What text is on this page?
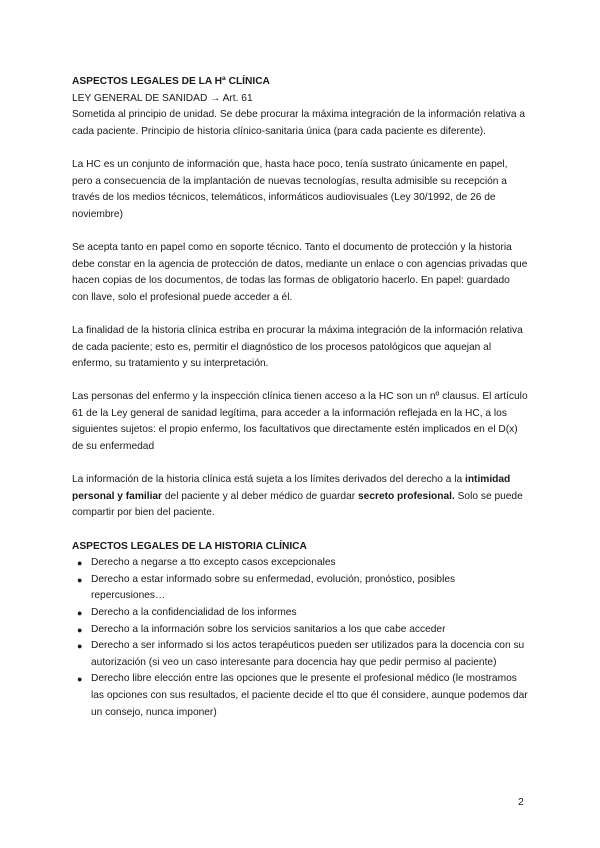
ASPECTOS LEGALES DE LA Hª CLÍNICA

LEY GENERAL DE SANIDAD → Art. 61

Sometida al principio de unidad. Se debe procurar la máxima integración de la información relativa a cada paciente. Principio de historia clínico-sanitaria única (para cada paciente es diferente).

La HC es un conjunto de información que, hasta hace poco, tenía sustrato únicamente en papel, pero a consecuencia de la implantación de nuevas tecnologías, resulta admisible su recepción a través de los medios técnicos, telemáticos, informáticos audiovisuales (Ley 30/1992, de 26 de noviembre)

Se acepta tanto en papel como en soporte técnico. Tanto el documento de protección y la historia debe constar en la agencia de protección de datos, mediante un enlace o con agencias privadas que hacen copias de los documentos, de todas las formas de obligatorio hacerlo. En papel: guardado con llave, solo el profesional puede acceder a él.

La finalidad de la historia clínica estriba en procurar la máxima integración de la información relativa de cada paciente; esto es, permitir el diagnóstico de los procesos patológicos que aquejan al enfermo, su tratamiento y su interpretación.

Las personas del enfermo y la inspección clínica tienen acceso a la HC son un nº clausus. El artículo 61 de la Ley general de sanidad legítima, para acceder a la información reflejada en la HC, a los siguientes sujetos: el propio enfermo, los facultativos que directamente estén implicados en el D(x) de su enfermedad

La información de la historia clínica está sujeta a los límites derivados del derecho a la intimidad personal y familiar del paciente y al deber médico de guardar secreto profesional. Solo se puede compartir por bien del paciente.

ASPECTOS LEGALES DE LA HISTORIA CLÍNICA

● Derecho a negarse a tto excepto casos excepcionales
● Derecho a estar informado sobre su enfermedad, evolución, pronóstico, posibles repercusiones…
● Derecho a la confidencialidad de los informes
● Derecho a la información sobre los servicios sanitarios a los que cabe acceder
● Derecho a ser informado si los actos terapéuticos pueden ser utilizados para la docencia con su autorización (si veo un caso interesante para docencia hay que pedir permiso al paciente)
● Derecho libre elección entre las opciones que le presente el profesional médico (le mostramos las opciones con sus resultados, el paciente decide el tto que él considere, aunque podemos dar un consejo, nunca imponer)
2
